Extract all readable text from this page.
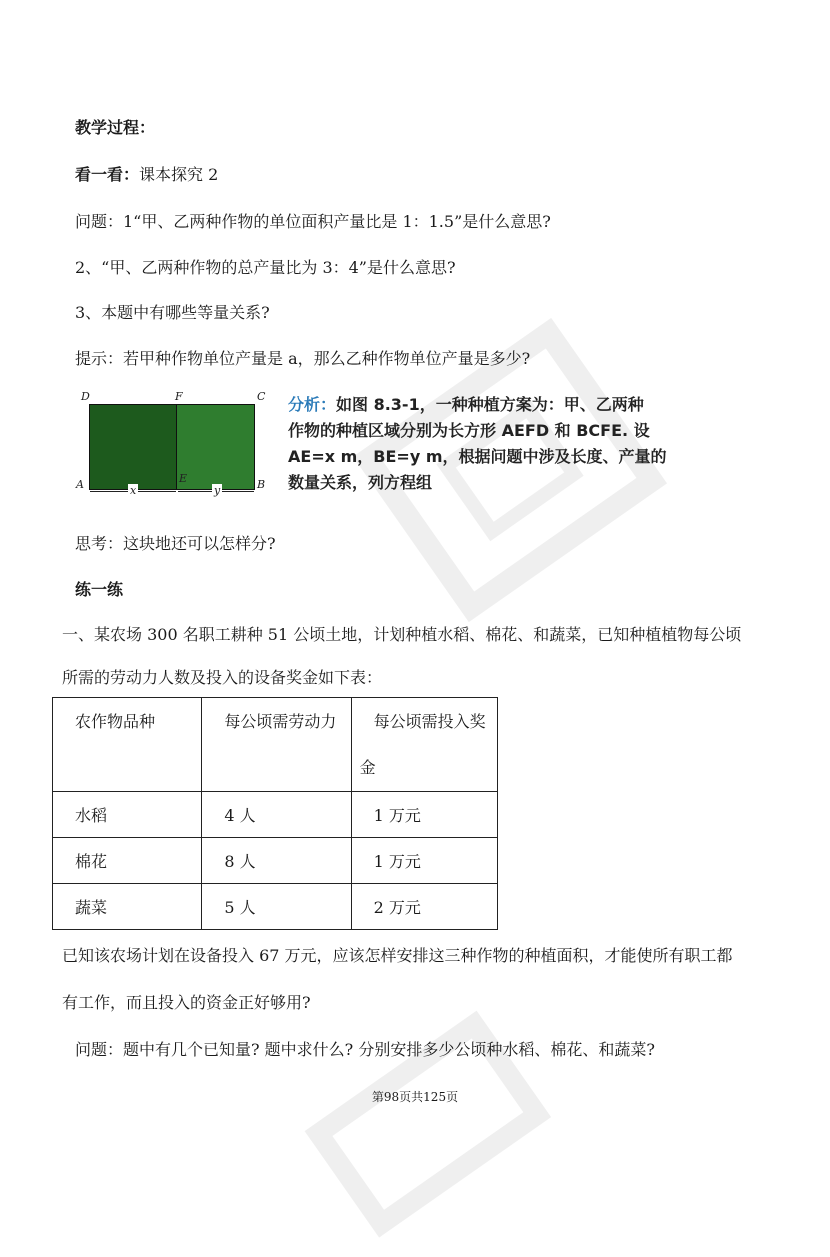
教学过程：
看一看：课本探究 2
问题：1“甲、乙两种作物的单位面积产量比是 1：1.5”是什么意思?
2、“甲、乙两种作物的总产量比为 3：4”是什么意思?
3、本题中有哪些等量关系?
提示：若甲种作物单位产量是 a，那么乙种作物单位产量是多少?
D	F	C
A	E	B
x	y
分析：如图 8.3-1，一种种植方案为：甲、乙两种
作物的种植区域分别为长方形 AEFD 和 BCFE. 设
AE=x m，BE=y m，根据问题中涉及长度、产量的
数量关系，列方程组
思考：这块地还可以怎样分?
练一练
一、某农场 300 名职工耕种 51 公顷土地，计划种植水稻、棉花、和蔬菜，已知种植植物每公顷
所需的劳动力人数及投入的设备奖金如下表：
农作物品种	每公顷需劳动力	每公顷需投入奖
金

水稻	4 人	1 万元

棉花	8 人	1 万元

蔬菜	5 人	2 万元
已知该农场计划在设备投入 67 万元，应该怎样安排这三种作物的种植面积，才能使所有职工都
有工作，而且投入的资金正好够用?
问题：题中有几个已知量? 题中求什么? 分别安排多少公顷种水稻、棉花、和蔬菜?
第98页共125页
